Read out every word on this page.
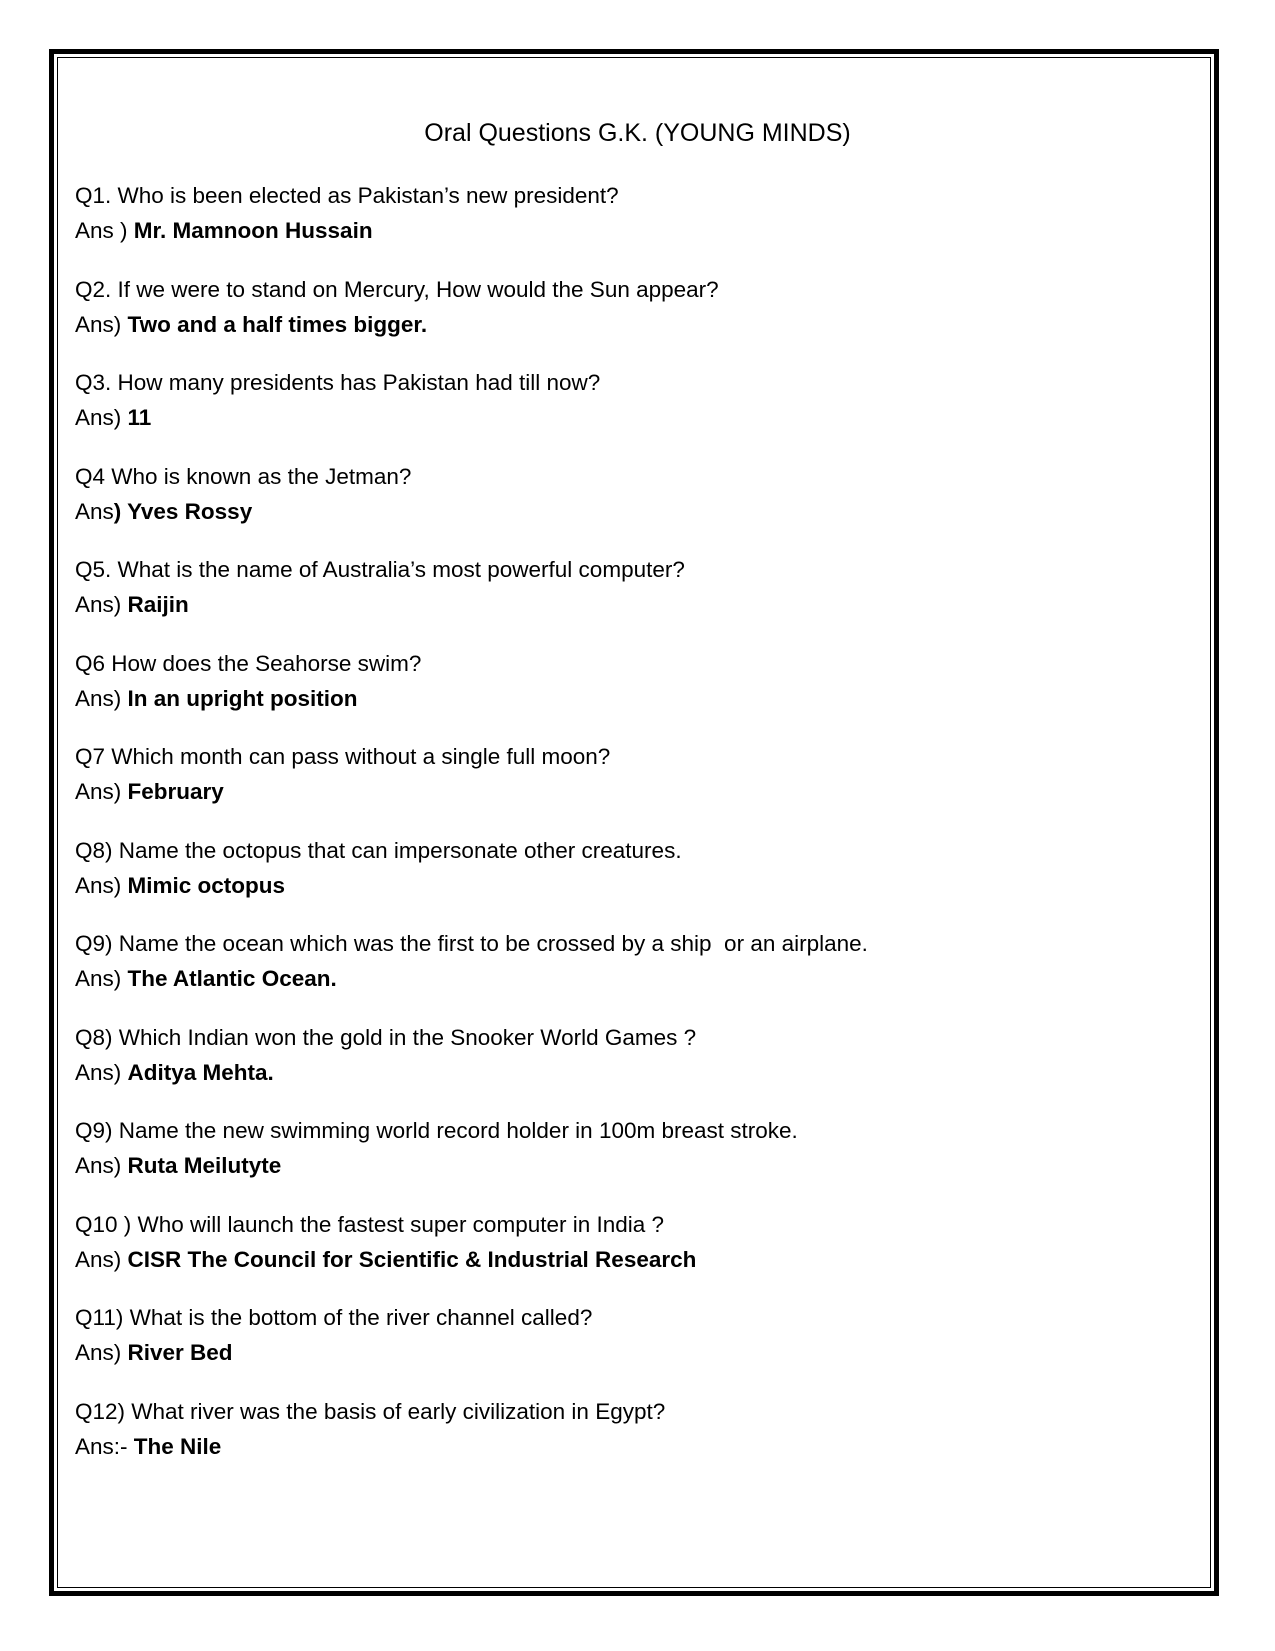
Oral Questions G.K. (YOUNG MINDS)
Q1. Who is been elected as Pakistan’s new president?
Ans ) Mr. Mamnoon Hussain
Q2. If we were to stand on Mercury, How would the Sun appear?
Ans) Two and a half times bigger.
Q3. How many presidents has Pakistan had till now?
Ans) 11
Q4 Who is known as the Jetman?
Ans) Yves Rossy
Q5. What is the name of Australia’s most powerful computer?
Ans) Raijin
Q6 How does the Seahorse swim?
Ans) In an upright position
Q7 Which month can pass without a single full moon?
Ans) February
Q8) Name the octopus that can impersonate other creatures.
Ans) Mimic octopus
Q9) Name the ocean which was the first to be crossed by a ship  or an airplane.
Ans) The Atlantic Ocean.
Q8) Which Indian won the gold in the Snooker World Games ?
Ans) Aditya Mehta.
Q9) Name the new swimming world record holder in 100m breast stroke.
Ans) Ruta Meilutyte
Q10 ) Who will launch the fastest super computer in India ?
Ans) CISR The Council for Scientific & Industrial Research
Q11) What is the bottom of the river channel called?
Ans) River Bed
Q12) What river was the basis of early civilization in Egypt?
Ans:- The Nile
